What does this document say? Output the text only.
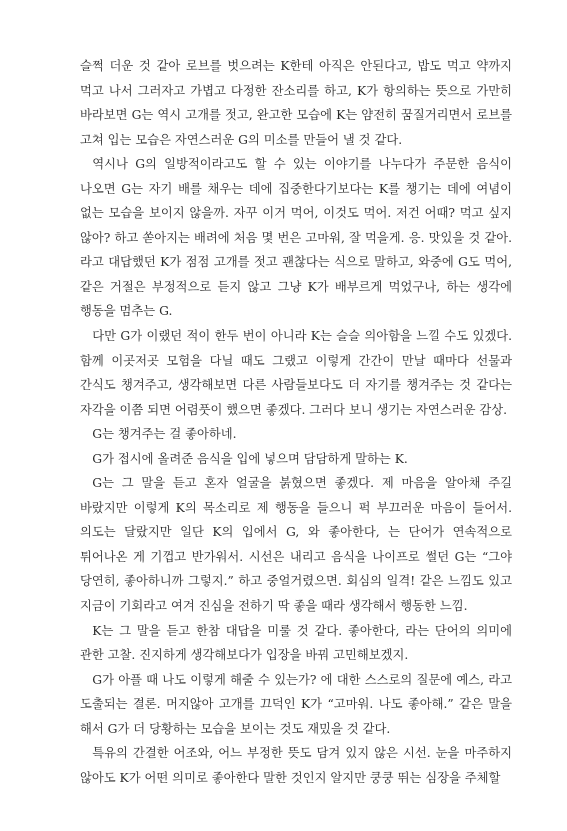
슬쩍 더운 것 같아 로브를 벗으려는 K한테 아직은 안된다고, 밥도 먹고 약까지 먹고 나서 그러자고 가볍고 다정한 잔소리를 하고, K가 항의하는 뜻으로 가만히 바라보면 G는 역시 고개를 젓고, 완고한 모습에 K는 얌전히 꿈질거리면서 로브를 고쳐 입는 모습은 자연스러운 G의 미소를 만들어 낼 것 같다.

역시나 G의 일방적이라고도 할 수 있는 이야기를 나누다가 주문한 음식이 나오면 G는 자기 배를 채우는 데에 집중한다기보다는 K를 챙기는 데에 여념이 없는 모습을 보이지 않을까. 자꾸 이거 먹어, 이것도 먹어. 저건 어때? 먹고 싶지 않아? 하고 쏟아지는 배려에 처음 몇 번은 고마워, 잘 먹을게. 응. 맛있을 것 같아. 라고 대답했던 K가 점점 고개를 젓고 괜찮다는 식으로 말하고, 와중에 G도 먹어, 같은 거절은 부정적으로 듣지 않고 그냥 K가 배부르게 먹었구나, 하는 생각에 행동을 멈추는 G.

다만 G가 이랬던 적이 한두 번이 아니라 K는 슬슬 의아함을 느낄 수도 있겠다. 함께 이곳저곳 모험을 다닐 때도 그랬고 이렇게 간간이 만날 때마다 선물과 간식도 챙겨주고, 생각해보면 다른 사람들보다도 더 자기를 챙겨주는 것 같다는 자각을 이쯤 되면 어렴풋이 했으면 좋겠다. 그러다 보니 생기는 자연스러운 감상.

G는 챙겨주는 걸 좋아하네.

G가 접시에 올려준 음식을 입에 넣으며 담담하게 말하는 K.

G는 그 말을 듣고 혼자 얼굴을 붉혔으면 좋겠다. 제 마음을 알아채 주길 바랐지만 이렇게 K의 목소리로 제 행동을 들으니 퍽 부끄러운 마음이 들어서. 의도는 달랐지만 일단 K의 입에서 G, 와 좋아한다, 는 단어가 연속적으로 튀어나온 게 기껍고 반가워서. 시선은 내리고 음식을 나이프로 썰던 G는 “그야 당연히, 좋아하니까 그렇지.” 하고 중얼거렸으면. 회심의 일격! 같은 느낌도 있고 지금이 기회라고 여겨 진심을 전하기 딱 좋을 때라 생각해서 행동한 느낌.

K는 그 말을 듣고 한참 대답을 미룰 것 같다. 좋아한다, 라는 단어의 의미에 관한 고찰. 진지하게 생각해보다가 입장을 바꿔 고민해보겠지.

G가 아플 때 나도 이렇게 해줄 수 있는가? 에 대한 스스로의 질문에 예스, 라고 도출되는 결론. 머지않아 고개를 끄덕인 K가 “고마워. 나도 좋아해.” 같은 말을 해서 G가 더 당황하는 모습을 보이는 것도 재밌을 것 같다.

특유의 간결한 어조와, 어느 부정한 뜻도 담겨 있지 않은 시선. 눈을 마주하지 않아도 K가 어떤 의미로 좋아한다 말한 것인지 알지만 쿵쿵 뛰는 심장을 주체할
